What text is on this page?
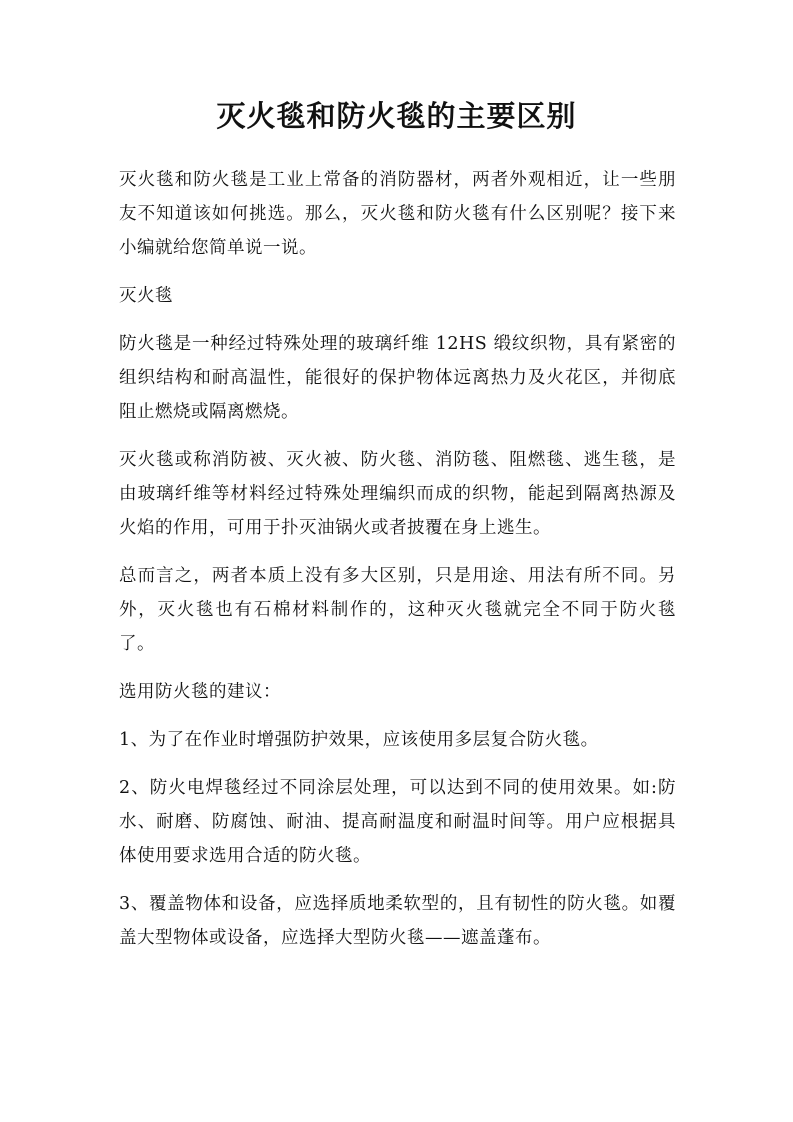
灭火毯和防火毯的主要区别

灭火毯和防火毯是工业上常备的消防器材，两者外观相近，让一些朋友不知道该如何挑选。那么，灭火毯和防火毯有什么区别呢？接下来小编就给您简单说一说。

灭火毯

防火毯是一种经过特殊处理的玻璃纤维 12HS 缎纹织物，具有紧密的组织结构和耐高温性，能很好的保护物体远离热力及火花区，并彻底阻止燃烧或隔离燃烧。

灭火毯或称消防被、灭火被、防火毯、消防毯、阻燃毯、逃生毯，是由玻璃纤维等材料经过特殊处理编织而成的织物，能起到隔离热源及火焰的作用，可用于扑灭油锅火或者披覆在身上逃生。

总而言之，两者本质上没有多大区别，只是用途、用法有所不同。另外，灭火毯也有石棉材料制作的，这种灭火毯就完全不同于防火毯了。

选用防火毯的建议：

1、为了在作业时增强防护效果，应该使用多层复合防火毯。

2、防火电焊毯经过不同涂层处理，可以达到不同的使用效果。如:防水、耐磨、防腐蚀、耐油、提高耐温度和耐温时间等。用户应根据具体使用要求选用合适的防火毯。

3、覆盖物体和设备，应选择质地柔软型的，且有韧性的防火毯。如覆盖大型物体或设备，应选择大型防火毯——遮盖蓬布。
